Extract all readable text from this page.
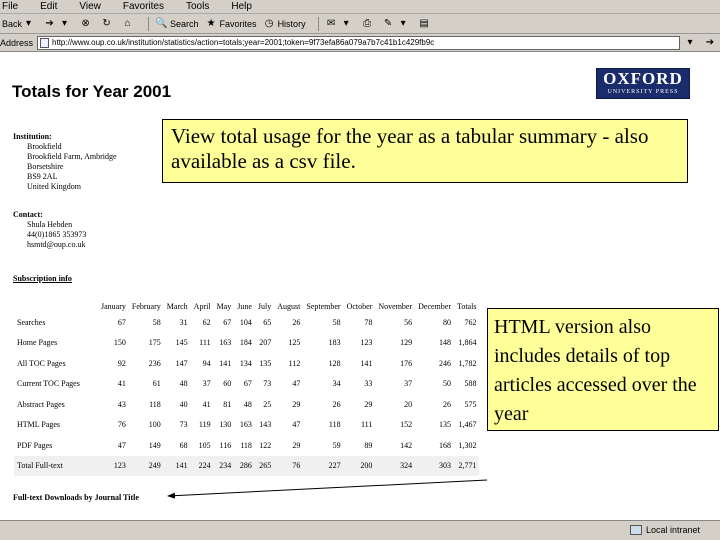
File Edit View Favorites Tools Help
Back ▾	➔ ▾	⊗ ↻	⌂	🔍 Search ★ Favorites ◷ History ✉ ▾	⎙ ✎ ▾	▤
Address	http://www.oup.co.uk/institution/statistics/action=totals;year=2001;token=9f73efa86a079a7b7c41b1c429fb9c	▾	➔
Totals for Year 2001
OXFORD
UNIVERSITY PRESS
Institution:
Brookfield
Brookfield Farm, Ambridge
Borsetshire
BS9 2AL
United Kingdom
Contact:
Shula Hebden
44(0)1865 353973
hsmtd@oup.co.uk
Subscription info
	January	February	March	April	May	June	July	August	September	October	November	December	Totals
Searches	67	58	31	62	67	104	65	26	58	78	56	80	762
Home Pages	150	175	145	111	163	184	207	125	183	123	129	148	1,864
All TOC Pages	92	236	147	94	141	134	135	112	128	141	176	246	1,782
Current TOC Pages	41	61	48	37	60	67	73	47	34	33	37	50	588
Abstract Pages	43	118	40	41	81	48	25	29	26	29	20	26	575
HTML Pages	76	100	73	119	130	163	143	47	118	111	152	135	1,467
PDF Pages	47	149	68	105	116	118	122	29	59	89	142	168	1,302
Total Full-text	123	249	141	224	234	286	265	76	227	200	324	303	2,771
Full-text Downloads by Journal Title
View total usage for the year as a tabular summary - also available as a csv file.
HTML version also includes details of top articles accessed over the year
Local intranet
